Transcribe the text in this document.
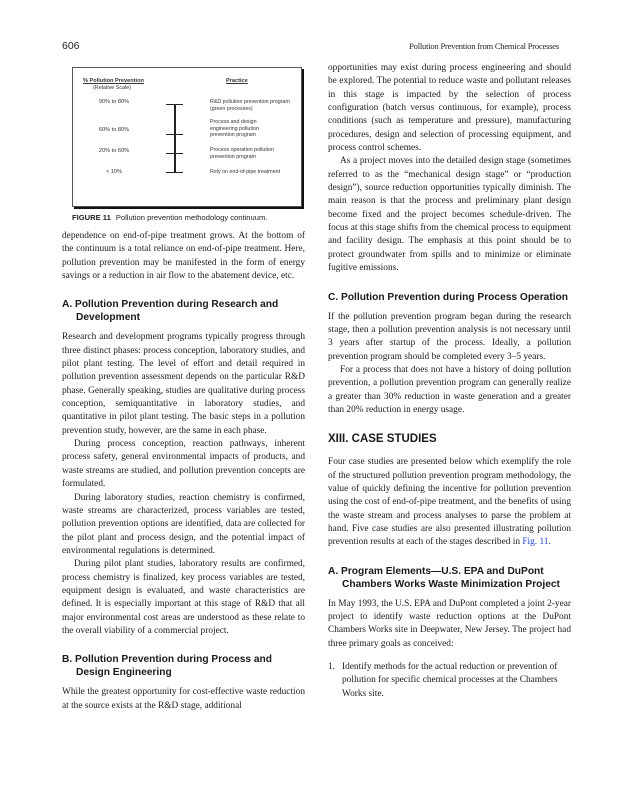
606	Pollution Prevention from Chemical Processes
% Pollution Prevention
(Relative Scale)
Practice
90% to 80%
60% to 80%
20% to 60%
< 10%
R&D pollution prevention program (green processes)
Process and design engineering pollution prevention program
Process operation pollution prevention program
Rely on end-of-pipe treatment
FIGURE 11 Pollution prevention methodology continuum.

dependence on end-of-pipe treatment grows. At the bottom of the continuum is a total reliance on end-of-pipe treatment. Here, pollution prevention may be manifested in the form of energy savings or a reduction in air flow to the abatement device, etc.

A. Pollution Prevention during Research and Development

Research and development programs typically progress through three distinct phases: process conception, laboratory studies, and pilot plant testing. The level of effort and detail required in pollution prevention assessment depends on the particular R&D phase. Generally speaking, studies are qualitative during process conception, semiquantitative in laboratory studies, and quantitative in pilot plant testing. The basic steps in a pollution prevention study, however, are the same in each phase.

During process conception, reaction pathways, inherent process safety, general environmental impacts of products, and waste streams are studied, and pollution prevention concepts are formulated.

During laboratory studies, reaction chemistry is confirmed, waste streams are characterized, process variables are tested, pollution prevention options are identified, data are collected for the pilot plant and process design, and the potential impact of environmental regulations is determined.

During pilot plant studies, laboratory results are confirmed, process chemistry is finalized, key process variables are tested, equipment design is evaluated, and waste characteristics are defined. It is especially important at this stage of R&D that all major environmental cost areas are understood as these relate to the overall viability of a commercial project.

B. Pollution Prevention during Process and Design Engineering

While the greatest opportunity for cost-effective waste reduction at the source exists at the R&D stage, additional

opportunities may exist during process engineering and should be explored. The potential to reduce waste and pollutant releases in this stage is impacted by the selection of process configuration (batch versus continuous, for example), process conditions (such as temperature and pressure), manufacturing procedures, design and selection of processing equipment, and process control schemes.

As a project moves into the detailed design stage (sometimes referred to as the “mechanical design stage” or “production design”), source reduction opportunities typically diminish. The main reason is that the process and preliminary plant design become fixed and the project becomes schedule-driven. The focus at this stage shifts from the chemical process to equipment and facility design. The emphasis at this point should be to protect groundwater from spills and to minimize or eliminate fugitive emissions.

C. Pollution Prevention during Process Operation

If the pollution prevention program began during the research stage, then a pollution prevention analysis is not necessary until 3 years after startup of the process. Ideally, a pollution prevention program should be completed every 3–5 years.

For a process that does not have a history of doing pollution prevention, a pollution prevention program can generally realize a greater than 30% reduction in waste generation and a greater than 20% reduction in energy usage.

XIII. CASE STUDIES

Four case studies are presented below which exemplify the role of the structured pollution prevention program methodology, the value of quickly defining the incentive for pollution prevention using the cost of end-of-pipe treatment, and the benefits of using the waste stream and process analyses to parse the problem at hand. Five case studies are also presented illustrating pollution prevention results at each of the stages described in Fig. 11.

A. Program Elements—U.S. EPA and DuPont Chambers Works Waste Minimization Project

In May 1993, the U.S. EPA and DuPont completed a joint 2-year project to identify waste reduction options at the DuPont Chambers Works site in Deepwater, New Jersey. The project had three primary goals as conceived:

1. Identify methods for the actual reduction or prevention of pollution for specific chemical processes at the Chambers Works site.
